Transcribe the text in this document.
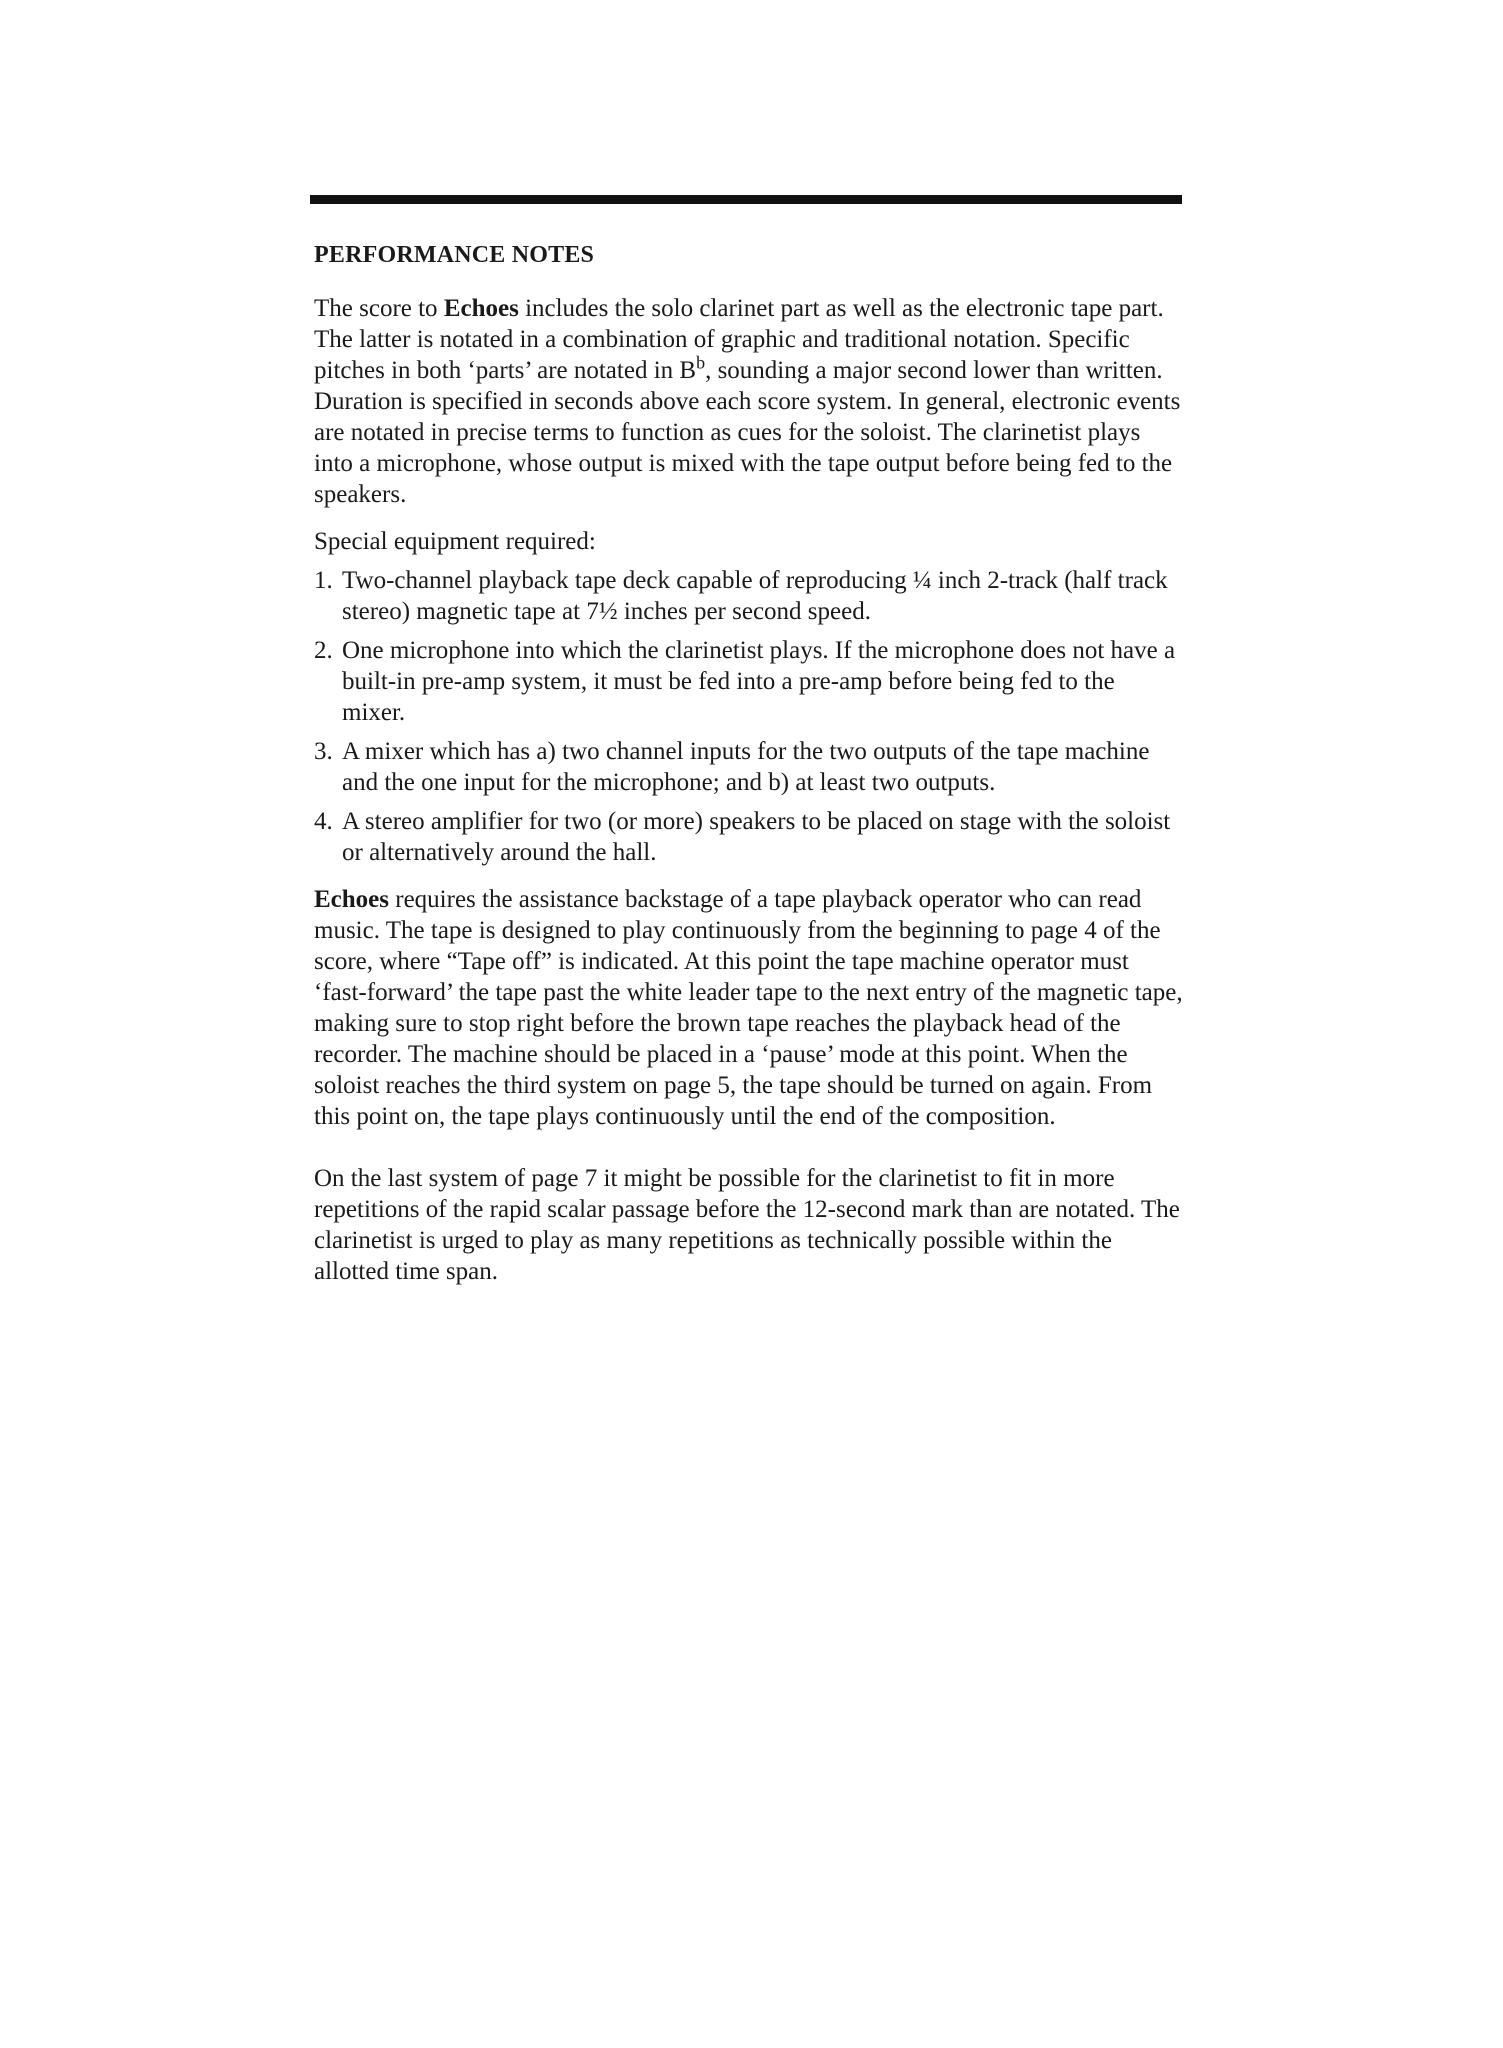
PERFORMANCE NOTES

The score to Echoes includes the solo clarinet part as well as the electronic tape part. The latter is notated in a combination of graphic and traditional notation. Specific pitches in both ‘parts’ are notated in $B^b$, sounding a major second lower than written. Duration is specified in seconds above each score system. In general, electronic events are notated in precise terms to function as cues for the soloist. The clarinetist plays into a microphone, whose output is mixed with the tape output before being fed to the speakers.

Special equipment required:

1. Two-channel playback tape deck capable of reproducing ¼ inch 2-track (half track stereo) magnetic tape at 7½ inches per second speed.
2. One microphone into which the clarinetist plays. If the microphone does not have a built-in pre-amp system, it must be fed into a pre-amp before being fed to the mixer.
3. A mixer which has a) two channel inputs for the two outputs of the tape machine and the one input for the microphone; and b) at least two outputs.
4. A stereo amplifier for two (or more) speakers to be placed on stage with the soloist or alternatively around the hall.

Echoes requires the assistance backstage of a tape playback operator who can read music. The tape is designed to play continuously from the beginning to page 4 of the score, where “Tape off” is indicated. At this point the tape machine operator must ‘fast-forward’ the tape past the white leader tape to the next entry of the magnetic tape, making sure to stop right before the brown tape reaches the playback head of the recorder. The machine should be placed in a ‘pause’ mode at this point. When the soloist reaches the third system on page 5, the tape should be turned on again. From this point on, the tape plays continuously until the end of the composition.

On the last system of page 7 it might be possible for the clarinetist to fit in more repetitions of the rapid scalar passage before the 12-second mark than are notated. The clarinetist is urged to play as many repetitions as technically possible within the allotted time span.
